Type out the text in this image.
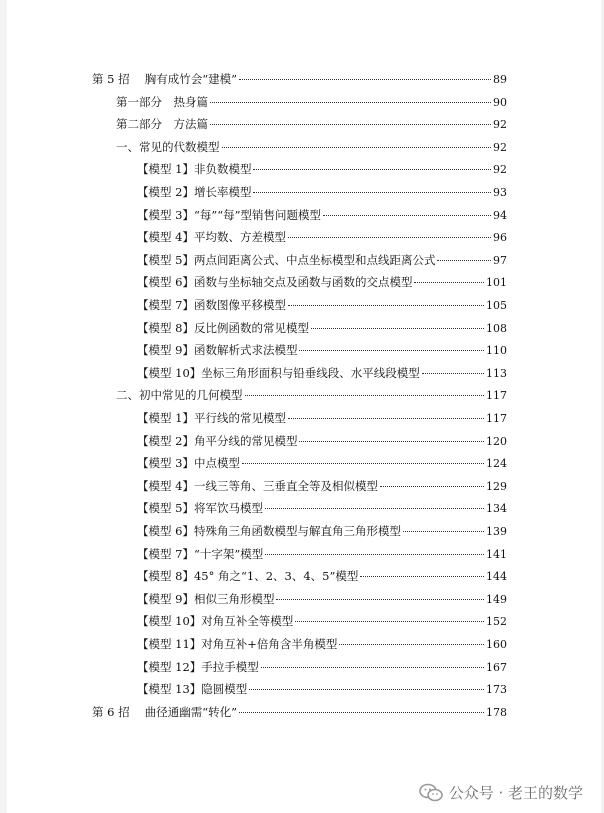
第 5 招　 胸有成竹会“建模”	89
第一部分　热身篇	90
第二部分　方法篇	92
一、常见的代数模型	92
【模型 1】非负数模型	92
【模型 2】增长率模型	93
【模型 3】“每”“每”型销售问题模型	94
【模型 4】平均数、方差模型	96
【模型 5】两点间距离公式、中点坐标模型和点线距离公式	97
【模型 6】函数与坐标轴交点及函数与函数的交点模型	101
【模型 7】函数图像平移模型	105
【模型 8】反比例函数的常见模型	108
【模型 9】函数解析式求法模型	110
【模型 10】坐标三角形面积与铅垂线段、水平线段模型	113
二、初中常见的几何模型	117
【模型 1】平行线的常见模型	117
【模型 2】角平分线的常见模型	120
【模型 3】中点模型	124
【模型 4】一线三等角、三垂直全等及相似模型	129
【模型 5】将军饮马模型	134
【模型 6】特殊角三角函数模型与解直角三角形模型	139
【模型 7】“十字架”模型	141
【模型 8】45° 角之“1、2、3、4、5”模型	144
【模型 9】相似三角形模型	149
【模型 10】对角互补全等模型	152
【模型 11】对角互补+倍角含半角模型	160
【模型 12】手拉手模型	167
【模型 13】隐圆模型	173
第 6 招　 曲径通幽需“转化”	178
公众号 · 老王的数学
